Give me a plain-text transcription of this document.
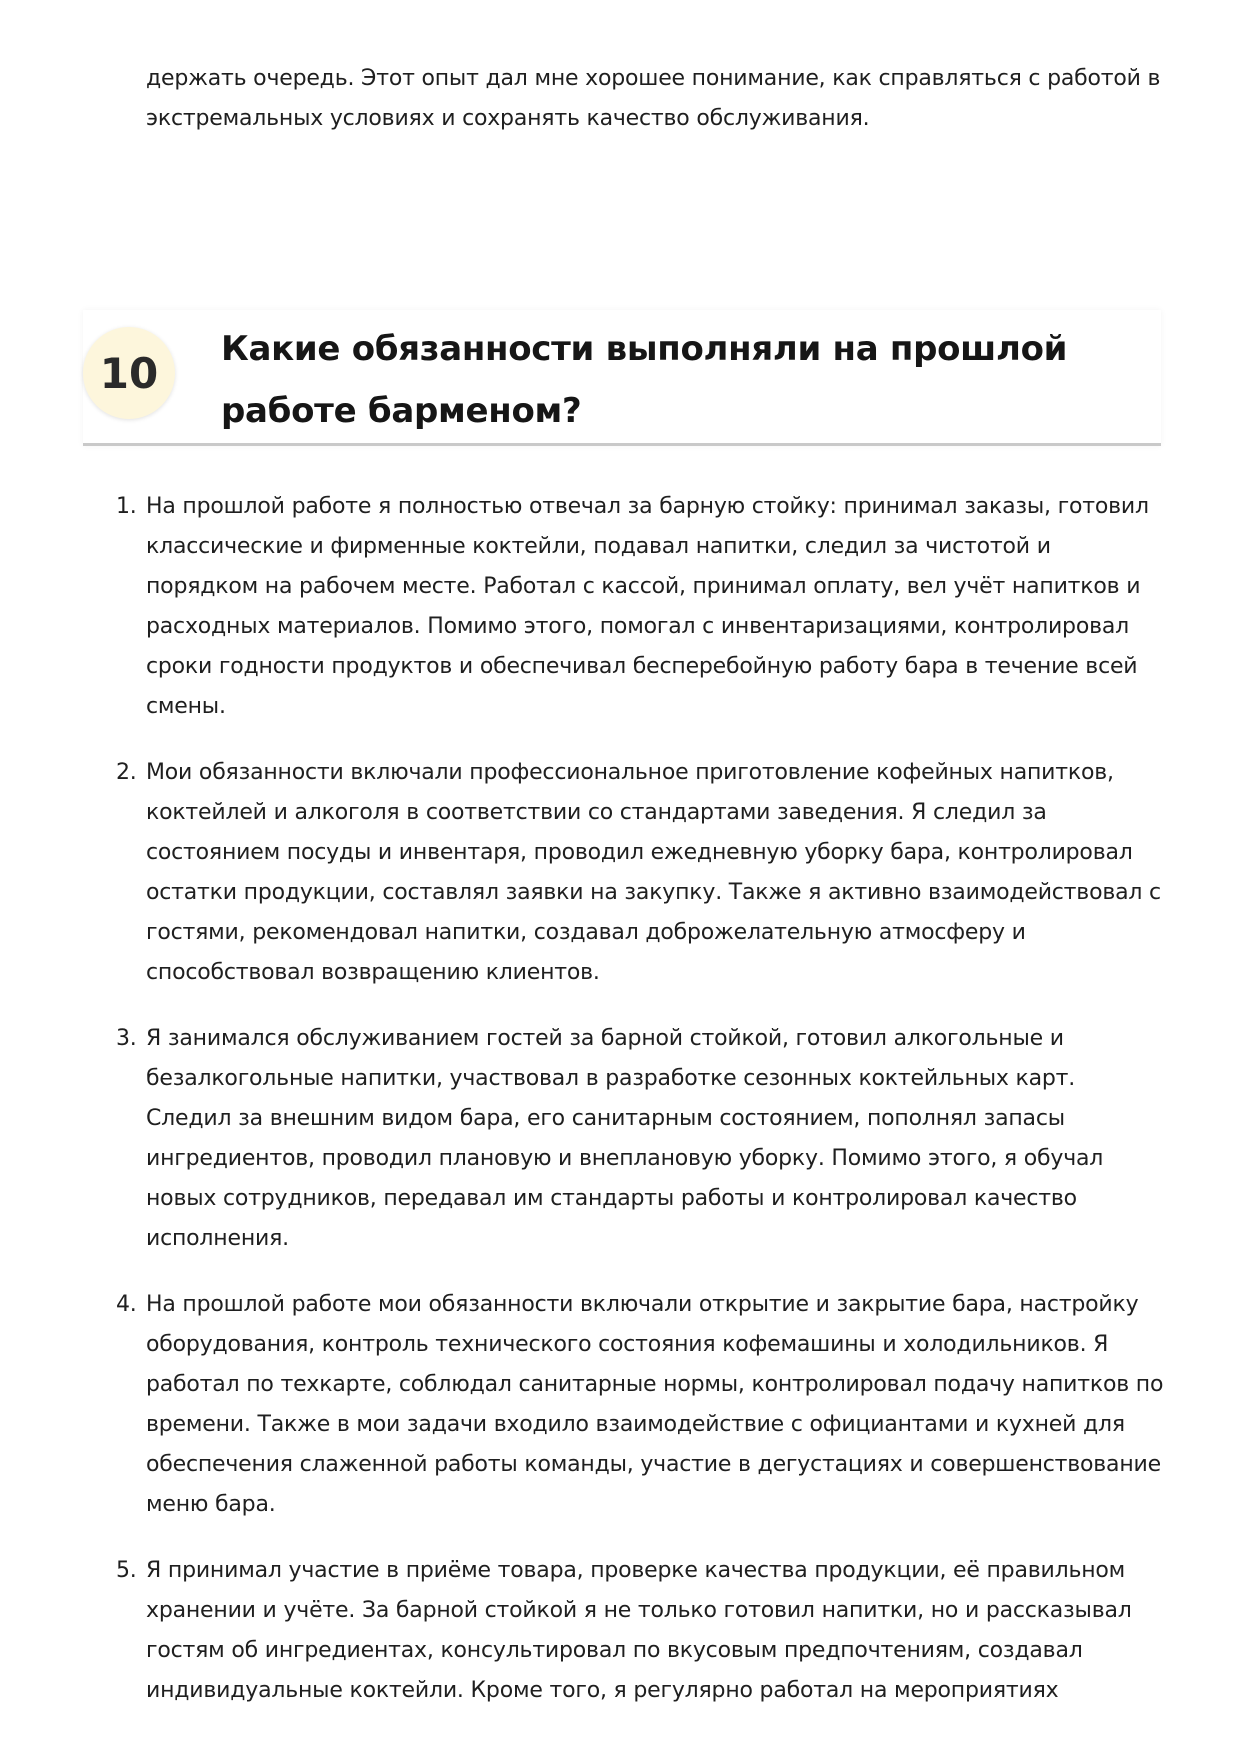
держать очередь. Этот опыт дал мне хорошее понимание, как справляться с работой в экстремальных условиях и сохранять качество обслуживания.

10	Какие обязанности выполняли на прошлой работе барменом?
1. На прошлой работе я полностью отвечал за барную стойку: принимал заказы, готовил классические и фирменные коктейли, подавал напитки, следил за чистотой и порядком на рабочем месте. Работал с кассой, принимал оплату, вел учёт напитков и расходных материалов. Помимо этого, помогал с инвентаризациями, контролировал сроки годности продуктов и обеспечивал бесперебойную работу бара в течение всей смены.
2. Мои обязанности включали профессиональное приготовление кофейных напитков, коктейлей и алкоголя в соответствии со стандартами заведения. Я следил за состоянием посуды и инвентаря, проводил ежедневную уборку бара, контролировал остатки продукции, составлял заявки на закупку. Также я активно взаимодействовал с гостями, рекомендовал напитки, создавал доброжелательную атмосферу и способствовал возвращению клиентов.
3. Я занимался обслуживанием гостей за барной стойкой, готовил алкогольные и безалкогольные напитки, участвовал в разработке сезонных коктейльных карт. Следил за внешним видом бара, его санитарным состоянием, пополнял запасы ингредиентов, проводил плановую и внеплановую уборку. Помимо этого, я обучал новых сотрудников, передавал им стандарты работы и контролировал качество исполнения.
4. На прошлой работе мои обязанности включали открытие и закрытие бара, настройку оборудования, контроль технического состояния кофемашины и холодильников. Я работал по техкарте, соблюдал санитарные нормы, контролировал подачу напитков по времени. Также в мои задачи входило взаимодействие с официантами и кухней для обеспечения слаженной работы команды, участие в дегустациях и совершенствование меню бара.
5. Я принимал участие в приёме товара, проверке качества продукции, её правильном хранении и учёте. За барной стойкой я не только готовил напитки, но и рассказывал гостям об ингредиентах, консультировал по вкусовым предпочтениям, создавал индивидуальные коктейли. Кроме того, я регулярно работал на мероприятиях
